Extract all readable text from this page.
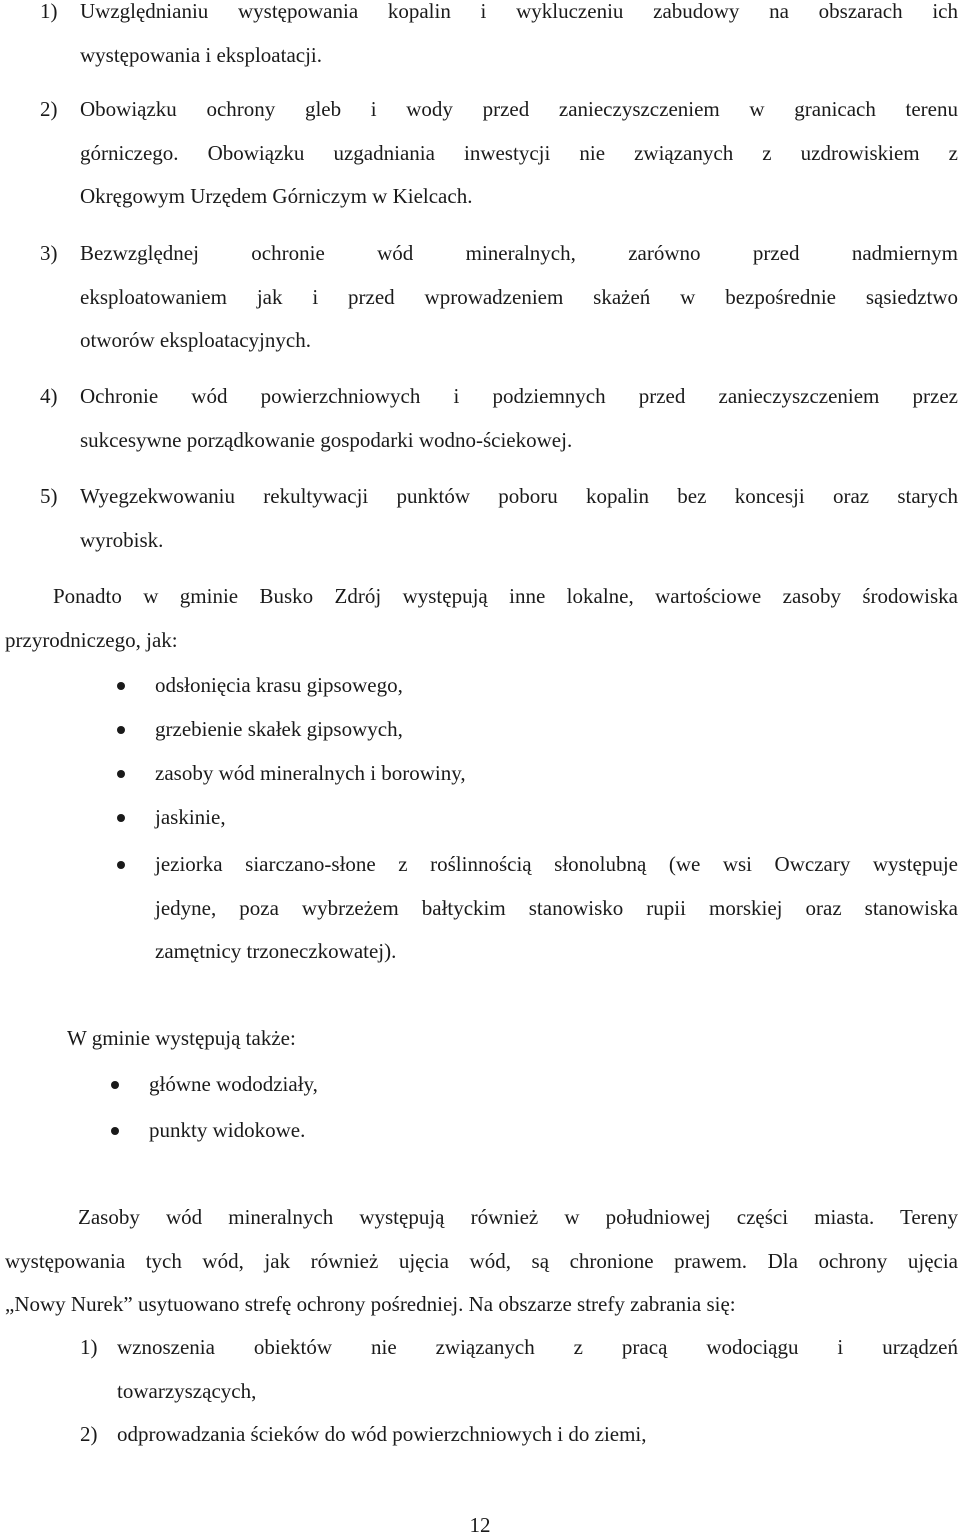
1) Uwzględnianiu występowania kopalin i wykluczeniu zabudowy na obszarach ich
występowania i eksploatacji.
2) Obowiązku ochrony gleb i wody przed zanieczyszczeniem w granicach terenu
górniczego. Obowiązku uzgadniania inwestycji nie związanych z uzdrowiskiem z
Okręgowym Urzędem Górniczym w Kielcach.
3) Bezwzględnej ochronie wód mineralnych, zarówno przed nadmiernym
eksploatowaniem jak i przed wprowadzeniem skażeń w bezpośrednie sąsiedztwo
otworów eksploatacyjnych.
4) Ochronie wód powierzchniowych i podziemnych przed zanieczyszczeniem przez
sukcesywne porządkowanie gospodarki wodno-ściekowej.
5) Wyegzekwowaniu rekultywacji punktów poboru kopalin bez koncesji oraz starych
wyrobisk.
Ponadto w gminie Busko Zdrój występują inne lokalne, wartościowe zasoby środowiska
przyrodniczego, jak:
odsłonięcia krasu gipsowego,
grzebienie skałek gipsowych,
zasoby wód mineralnych i borowiny,
jaskinie,
jeziorka siarczano-słone z roślinnością słonolubną (we wsi Owczary występuje
jedyne, poza wybrzeżem bałtyckim stanowisko rupii morskiej oraz stanowiska
zamętnicy trzoneczkowatej).
W gminie występują także:
główne wododziały,
punkty widokowe.
Zasoby wód mineralnych występują również w południowej części miasta. Tereny
występowania tych wód, jak również ujęcia wód, są chronione prawem. Dla ochrony ujęcia
„Nowy Nurek” usytuowano strefę ochrony pośredniej. Na obszarze strefy zabrania się:
1) wznoszenia obiektów nie związanych z pracą wodociągu i urządzeń
towarzyszących,
2) odprowadzania ścieków do wód powierzchniowych i do ziemi,
12
